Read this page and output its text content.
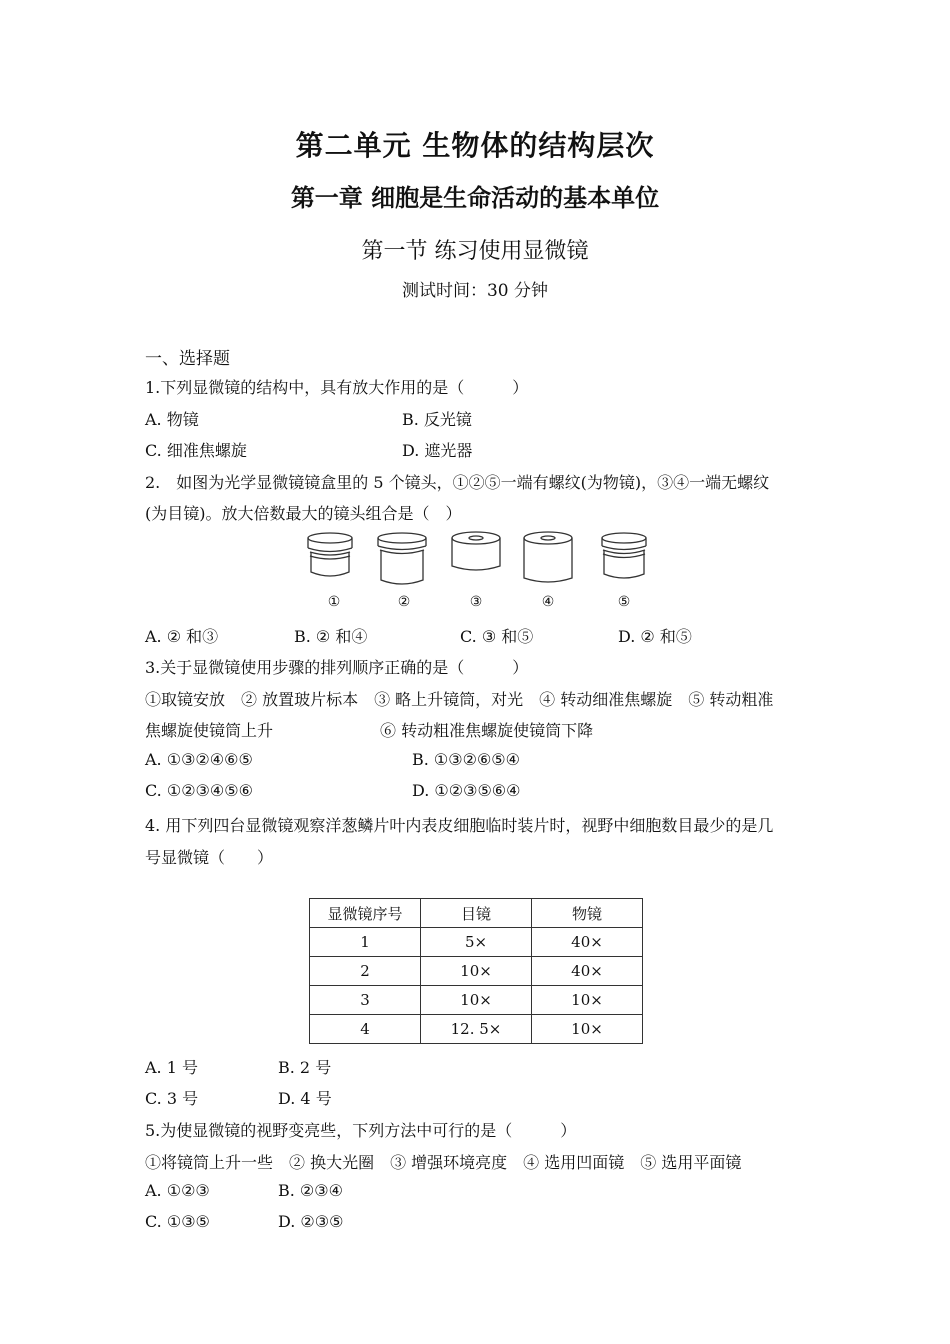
第二单元 生物体的结构层次
第一章 细胞是生命活动的基本单位
第一节 练习使用显微镜
测试时间：30 分钟
一、选择题
1.下列显微镜的结构中，具有放大作用的是（　　　）
A. 物镜	B. 反光镜
C. 细准焦螺旋	D. 遮光器
2.　如图为光学显微镜镜盒里的 5 个镜头，①②⑤一端有螺纹(为物镜)，③④一端无螺纹
(为目镜)。放大倍数最大的镜头组合是（　）
①	②	③	④	⑤
A. ② 和③	B. ② 和④	C. ③ 和⑤	D. ② 和⑤
3.关于显微镜使用步骤的排列顺序正确的是（　　　）
①取镜安放　② 放置玻片标本　③ 略上升镜筒，对光　④ 转动细准焦螺旋　⑤ 转动粗准
焦螺旋使镜筒上升	⑥ 转动粗准焦螺旋使镜筒下降
A. ①③②④⑥⑤	B. ①③②⑥⑤④
C. ①②③④⑤⑥	D. ①②③⑤⑥④
4. 用下列四台显微镜观察洋葱鳞片叶内表皮细胞临时装片时，视野中细胞数目最少的是几
号显微镜（　　）
显微镜序号	目镜	物镜
1	5×	40×
2	10×	40×
3	10×	10×
4	12. 5×	10×
A. 1 号	B. 2 号
C. 3 号	D. 4 号
5.为使显微镜的视野变亮些，下列方法中可行的是（　　　）
①将镜筒上升一些　② 换大光圈　③ 增强环境亮度　④ 选用凹面镜　⑤ 选用平面镜
A. ①②③	B. ②③④
C. ①③⑤	D. ②③⑤
